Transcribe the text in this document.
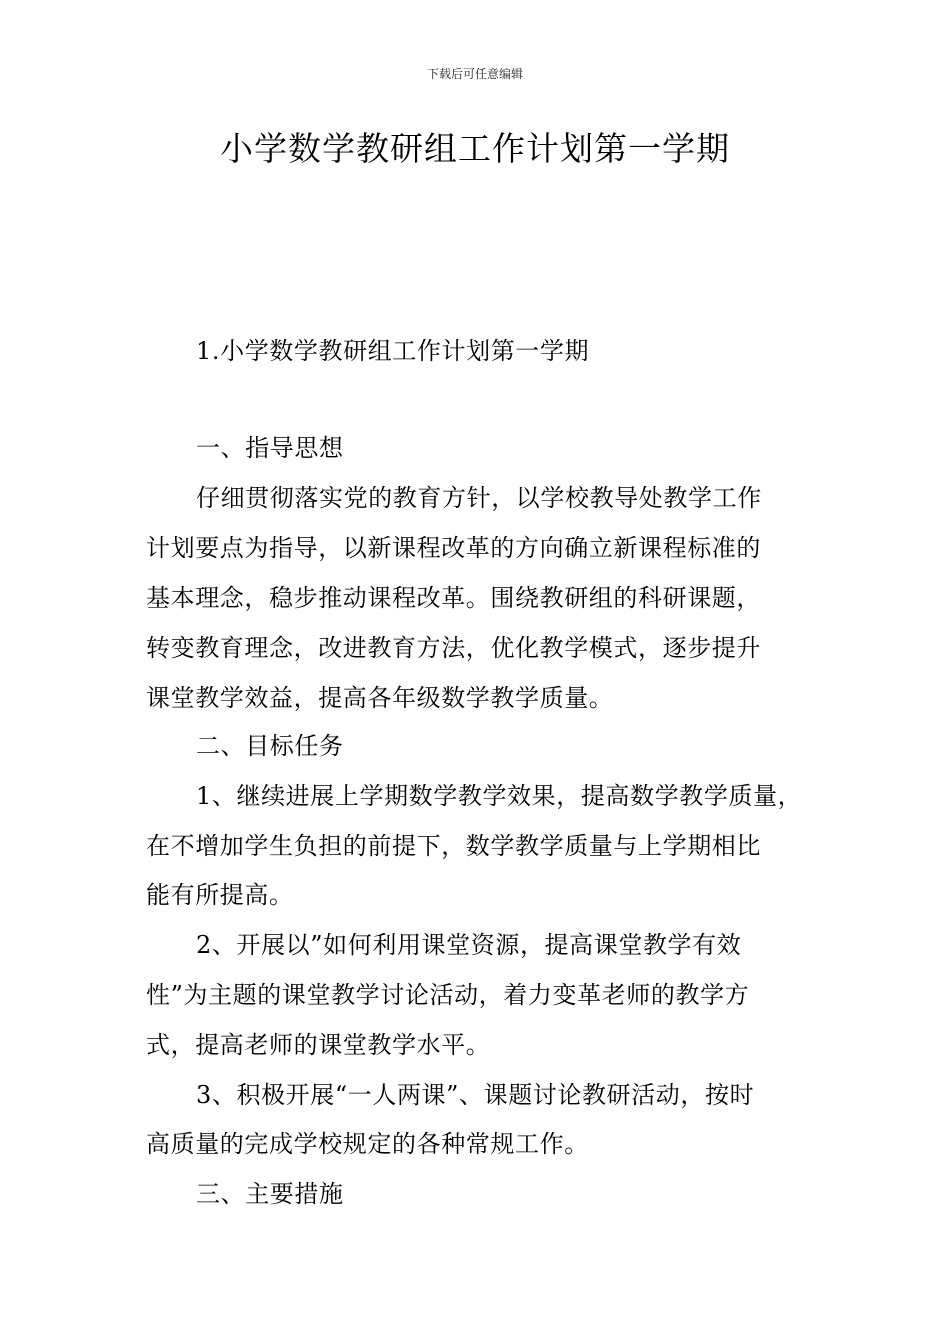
下载后可任意编辑
小学数学教研组工作计划第一学期

1.小学数学教研组工作计划第一学期

一、指导思想

仔细贯彻落实党的教育方针，以学校教导处教学工作

计划要点为指导，以新课程改革的方向确立新课程标准的

基本理念，稳步推动课程改革。围绕教研组的科研课题，

转变教育理念，改进教育方法，优化教学模式，逐步提升

课堂教学效益，提高各年级数学教学质量。

二、目标任务

1、继续进展上学期数学教学效果，提高数学教学质量，

在不增加学生负担的前提下，数学教学质量与上学期相比

能有所提高。

2、开展以”如何利用课堂资源，提高课堂教学有效

性”为主题的课堂教学讨论活动，着力变革老师的教学方

式，提高老师的课堂教学水平。

3、积极开展“一人两课”、课题讨论教研活动，按时

高质量的完成学校规定的各种常规工作。

三、主要措施
